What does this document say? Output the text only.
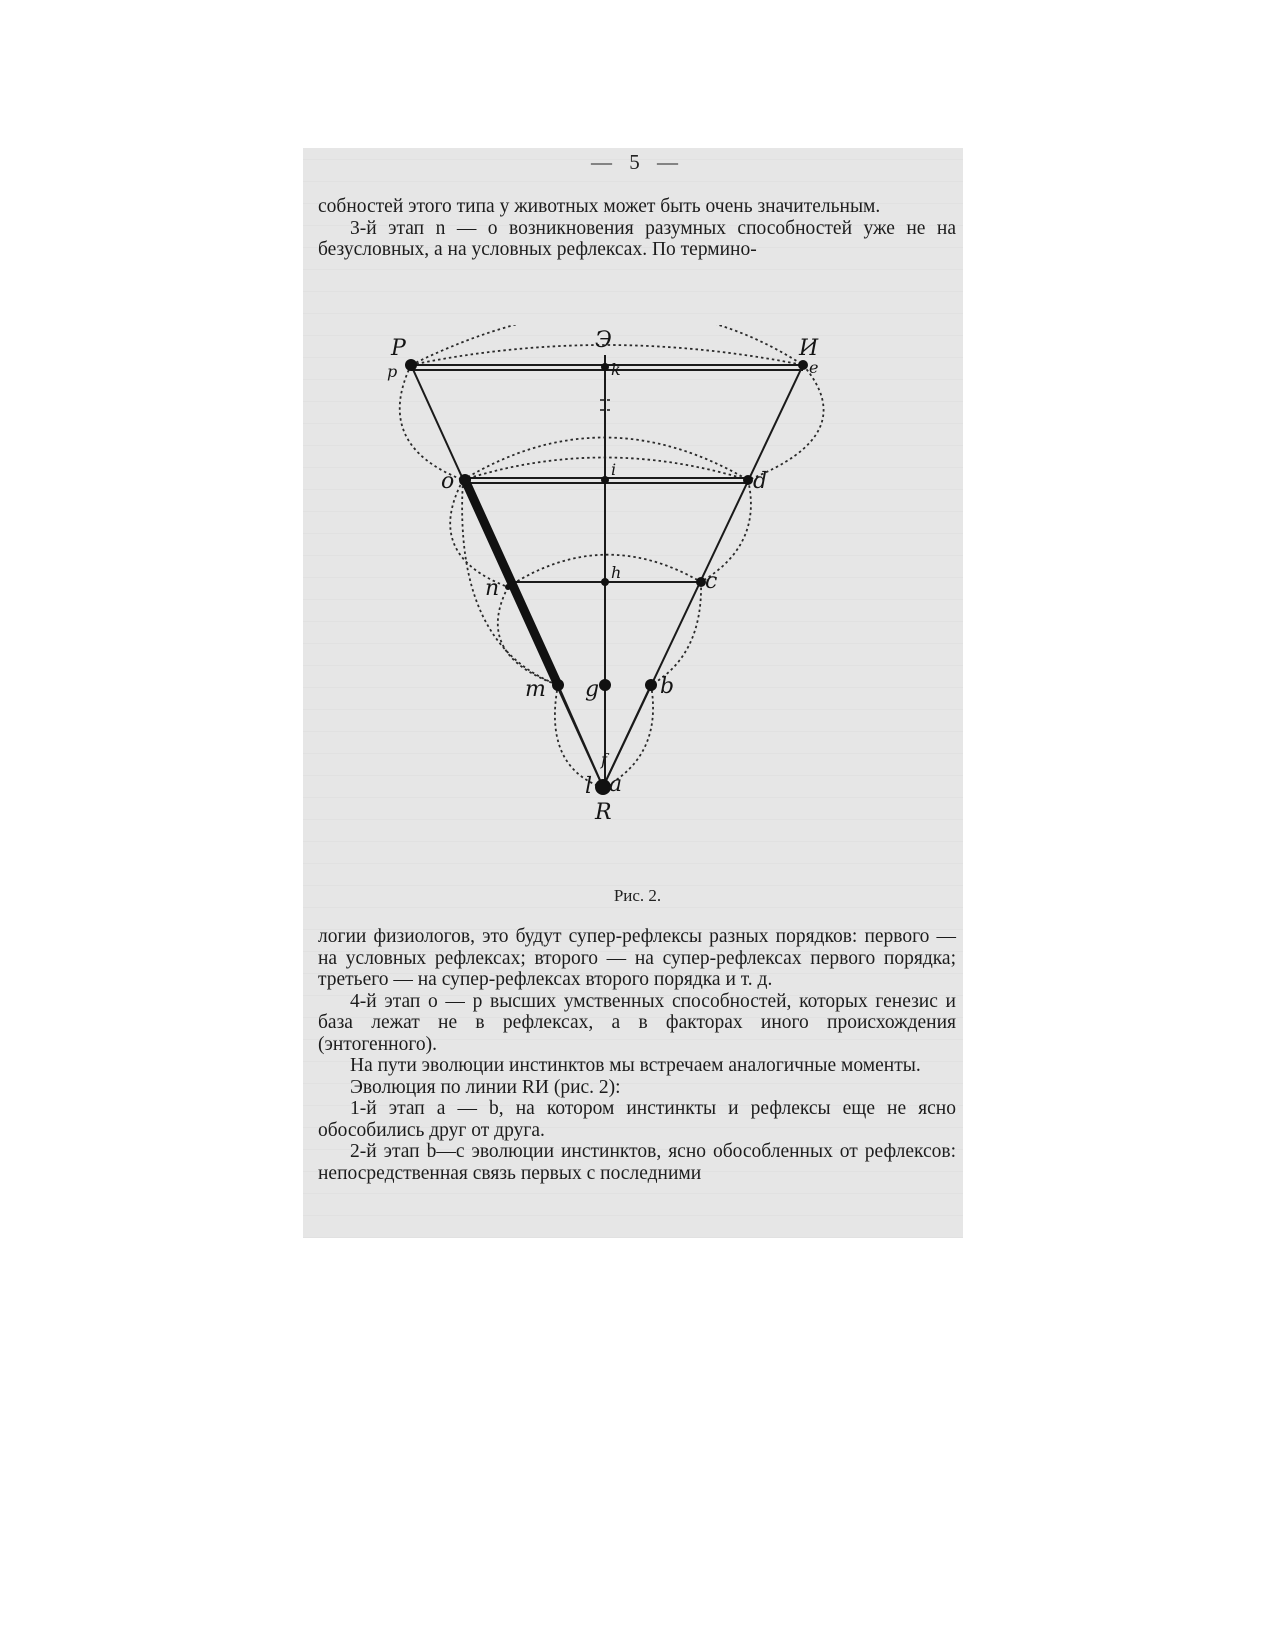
— 5 —

собностей этого типа у животных может быть очень значительным.

3-й этап n — o возникновения разумных способностей уже не на безусловных, а на условных рефлексах. По термино-

P	Э	И
p	k	e
o	i	d
n
h	c
m g	b
f
l a
R
Рис. 2.

логии физиологов, это будут супер-рефлексы разных порядков: первого — на условных рефлексах; второго — на супер-рефлексах первого порядка; третьего — на супер-рефлексах второго порядка и т. д.

4-й этап o — p высших умственных способностей, которых генезис и база лежат не в рефлексах, а в факторах иного происхождения (энтогенного).

На пути эволюции инстинктов мы встречаем аналогичные моменты.

Эволюция по линии RИ (рис. 2):

1-й этап a — b, на котором инстинкты и рефлексы еще не ясно обособились друг от друга.

2-й этап b—c эволюции инстинктов, ясно обособленных от рефлексов: непосредственная связь первых с последними
